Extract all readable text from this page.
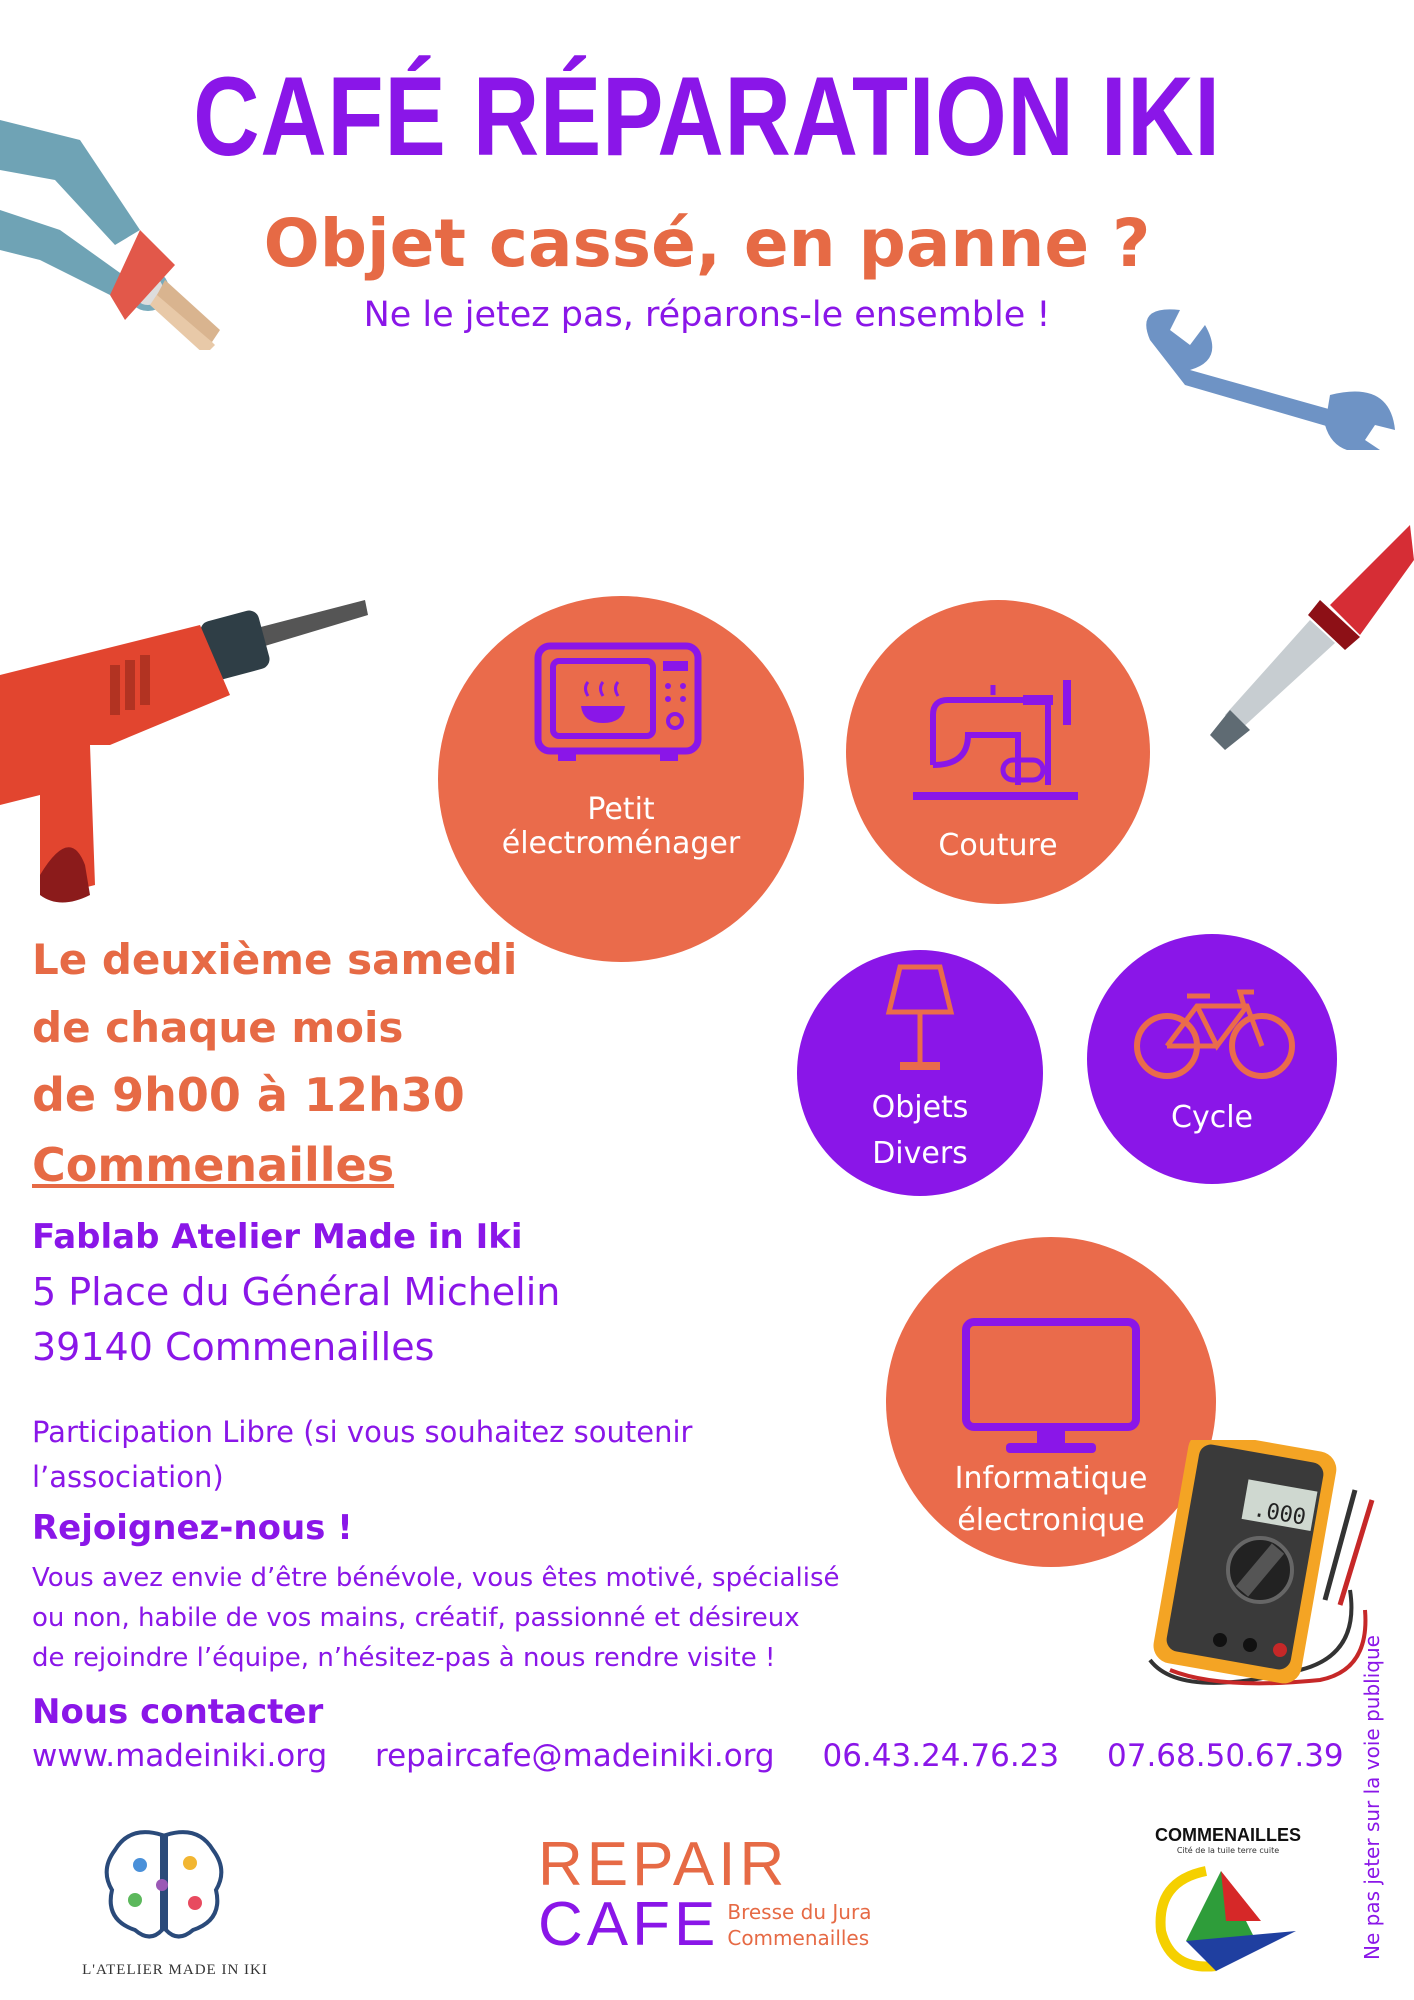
CAFÉ RÉPARATION IKI
Objet cassé, en panne ?
Ne le jetez pas, réparons-le ensemble !
Petit
électroménager	Couture
Objets
Divers
Cycle
Informatique
électronique	.000
Le deuxième samedi
de chaque mois
de 9h00 à 12h30
Commenailles
Fablab Atelier Made in Iki
5 Place du Général Michelin
39140 Commenailles
Participation Libre (si vous souhaitez soutenir
l’association)
Rejoignez-nous !
Vous avez envie d’être bénévole, vous êtes motivé, spécialisé
ou non, habile de vos mains, créatif, passionné et désireux
de rejoindre l’équipe, n’hésitez-pas à nous rendre visite !
Nous contacter
www.madeiniki.org repaircafe@madeiniki.org 06.43.24.76.23 07.68.50.67.39
L'ATELIER MADE IN IKI
REPAIR
CAFE Bresse du Jura
Commenailles
COMMENAILLES
Cité de la tuile terre cuite	Ne pas jeter sur la voie publique
